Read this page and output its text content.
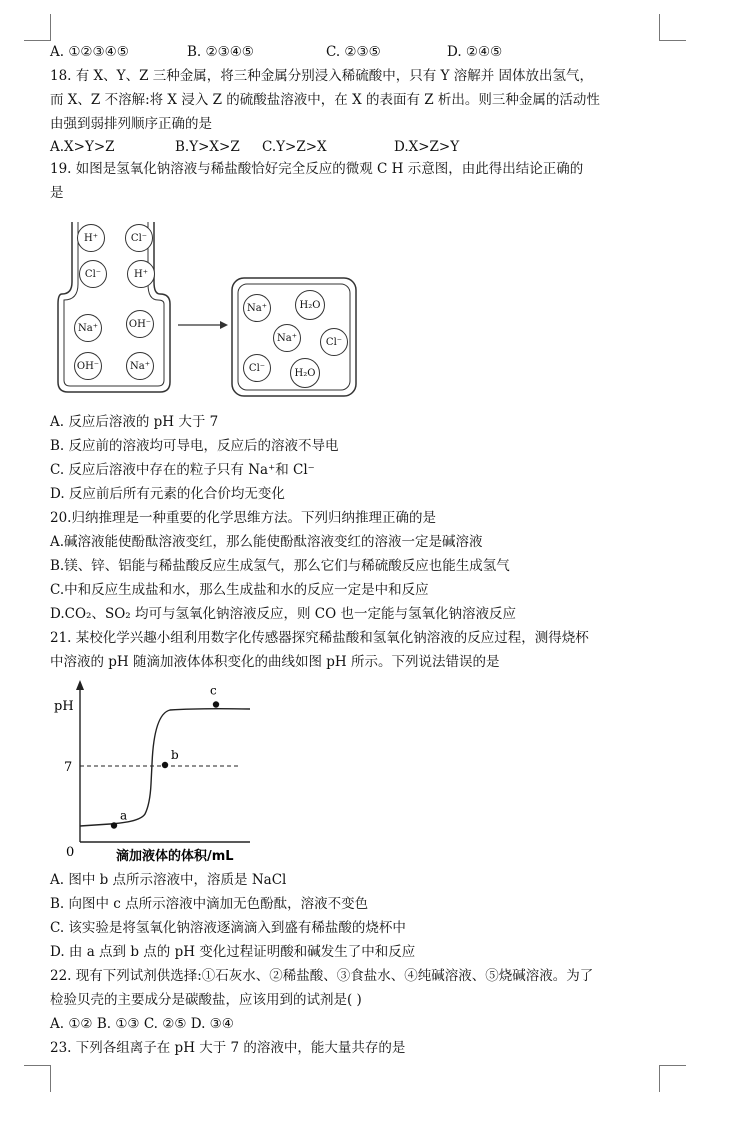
A. ①②③④⑤	B. ②③④⑤	C. ②③⑤	D. ②④⑤
18. 有 X、Y、Z 三种金属，将三种金属分别浸入稀硫酸中，只有 Y 溶解并 固体放出氢气，
而 X、Z 不溶解:将 X 浸入 Z 的硫酸盐溶液中，在 X 的表面有 Z 析出。则三种金属的活动性
由强到弱排列顺序正确的是
A.X>Y>Z	B.Y>X>Z C.Y>Z>X	D.X>Z>Y
19. 如图是氢氧化钠溶液与稀盐酸恰好完全反应的微观 C H 示意图，由此得出结论正确的
是
H⁺	Cl⁻
Cl⁻	H⁺
Na⁺	OH⁻
OH⁻	Na⁺
Na⁺	H₂O
Na⁺	Cl⁻
Cl⁻	H₂O
A. 反应后溶液的 pH 大于 7
B. 反应前的溶液均可导电，反应后的溶液不导电
C. 反应后溶液中存在的粒子只有 Na⁺和 Cl⁻
D. 反应前后所有元素的化合价均无变化
20.归纳推理是一种重要的化学思维方法。下列归纳推理正确的是
A.碱溶液能使酚酞溶液变红，那么能使酚酞溶液变红的溶液一定是碱溶液
B.镁、锌、铝能与稀盐酸反应生成氢气，那么它们与稀硫酸反应也能生成氢气
C.中和反应生成盐和水，那么生成盐和水的反应一定是中和反应
D.CO₂、SO₂ 均可与氢氧化钠溶液反应，则 CO 也一定能与氢氧化钠溶液反应
21. 某校化学兴趣小组利用数字化传感器探究稀盐酸和氢氧化钠溶液的反应过程，测得烧杯
中溶液的 pH 随滴加液体体积变化的曲线如图 pH 所示。下列说法错误的是
pH
0	滴加液体的体积/mL
7
a
b
c
A. 图中 b 点所示溶液中，溶质是 NaCl
B. 向图中 c 点所示溶液中滴加无色酚酞，溶液不变色
C. 该实验是将氢氧化钠溶液逐滴滴入到盛有稀盐酸的烧杯中
D. 由 a 点到 b 点的 pH 变化过程证明酸和碱发生了中和反应
22. 现有下列试剂供选择:①石灰水、②稀盐酸、③食盐水、④纯碱溶液、⑤烧碱溶液。为了
检验贝壳的主要成分是碳酸盐，应该用到的试剂是( )
A. ①② B. ①③ C. ②⑤ D. ③④
23. 下列各组离子在 pH 大于 7 的溶液中，能大量共存的是
